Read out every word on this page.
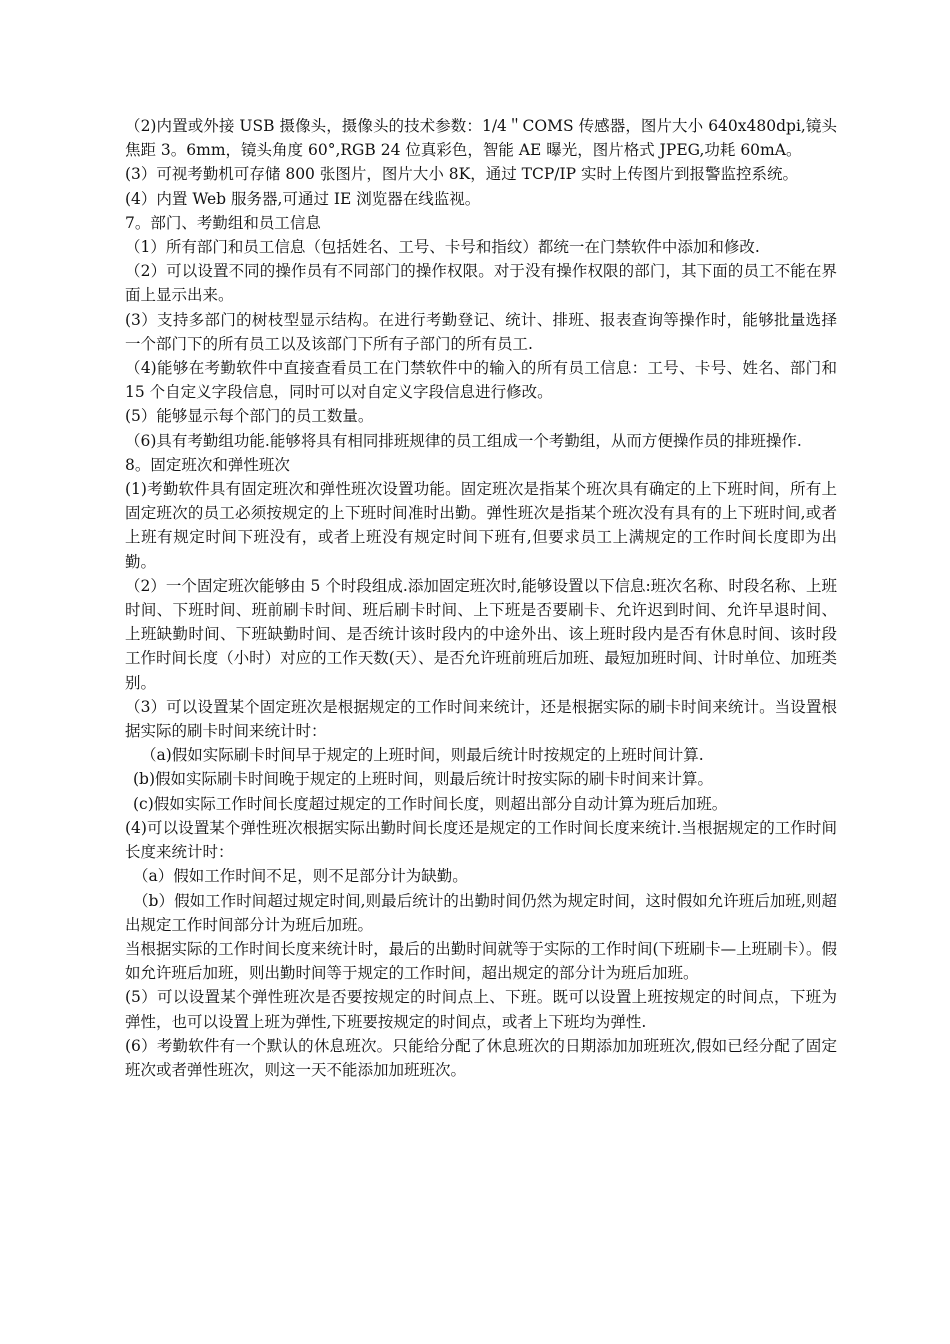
（2)内置或外接 USB 摄像头，摄像头的技术参数：1/4＂COMS 传感器，图片大小 640x480dpi,镜头焦距 3。6mm，镜头角度 60°,RGB 24 位真彩色，智能 AE 曝光，图片格式 JPEG,功耗 60mA。

(3）可视考勤机可存储 800 张图片，图片大小 8K，通过 TCP/IP 实时上传图片到报警监控系统。

(4）内置 Web 服务器,可通过 IE 浏览器在线监视。

7。部门、考勤组和员工信息

（1）所有部门和员工信息（包括姓名、工号、卡号和指纹）都统一在门禁软件中添加和修改.

（2）可以设置不同的操作员有不同部门的操作权限。对于没有操作权限的部门，其下面的员工不能在界面上显示出来。

(3）支持多部门的树枝型显示结构。在进行考勤登记、统计、排班、报表查询等操作时，能够批量选择一个部门下的所有员工以及该部门下所有子部门的所有员工.

（4)能够在考勤软件中直接查看员工在门禁软件中的输入的所有员工信息：工号、卡号、姓名、部门和 15 个自定义字段信息，同时可以对自定义字段信息进行修改。

(5）能够显示每个部门的员工数量。

（6)具有考勤组功能.能够将具有相同排班规律的员工组成一个考勤组，从而方便操作员的排班操作.

8。固定班次和弹性班次

(1)考勤软件具有固定班次和弹性班次设置功能。固定班次是指某个班次具有确定的上下班时间，所有上固定班次的员工必须按规定的上下班时间准时出勤。弹性班次是指某个班次没有具有的上下班时间,或者上班有规定时间下班没有，或者上班没有规定时间下班有,但要求员工上满规定的工作时间长度即为出勤。

（2）一个固定班次能够由 5 个时段组成.添加固定班次时,能够设置以下信息:班次名称、时段名称、上班时间、下班时间、班前刷卡时间、班后刷卡时间、上下班是否要刷卡、允许迟到时间、允许早退时间、上班缺勤时间、下班缺勤时间、是否统计该时段内的中途外出、该上班时段内是否有休息时间、该时段工作时间长度（小时）对应的工作天数(天）、是否允许班前班后加班、最短加班时间、计时单位、加班类别。

（3）可以设置某个固定班次是根据规定的工作时间来统计，还是根据实际的刷卡时间来统计。当设置根据实际的刷卡时间来统计时：

（a)假如实际刷卡时间早于规定的上班时间，则最后统计时按规定的上班时间计算.

(b)假如实际刷卡时间晚于规定的上班时间，则最后统计时按实际的刷卡时间来计算。

(c)假如实际工作时间长度超过规定的工作时间长度，则超出部分自动计算为班后加班。

(4)可以设置某个弹性班次根据实际出勤时间长度还是规定的工作时间长度来统计.当根据规定的工作时间长度来统计时：

（a）假如工作时间不足，则不足部分计为缺勤。

（b）假如工作时间超过规定时间,则最后统计的出勤时间仍然为规定时间，这时假如允许班后加班,则超出规定工作时间部分计为班后加班。

当根据实际的工作时间长度来统计时，最后的出勤时间就等于实际的工作时间(下班刷卡—上班刷卡）。假如允许班后加班，则出勤时间等于规定的工作时间，超出规定的部分计为班后加班。

(5）可以设置某个弹性班次是否要按规定的时间点上、下班。既可以设置上班按规定的时间点，下班为弹性，也可以设置上班为弹性,下班要按规定的时间点，或者上下班均为弹性.

(6）考勤软件有一个默认的休息班次。只能给分配了休息班次的日期添加加班班次,假如已经分配了固定班次或者弹性班次，则这一天不能添加加班班次。
